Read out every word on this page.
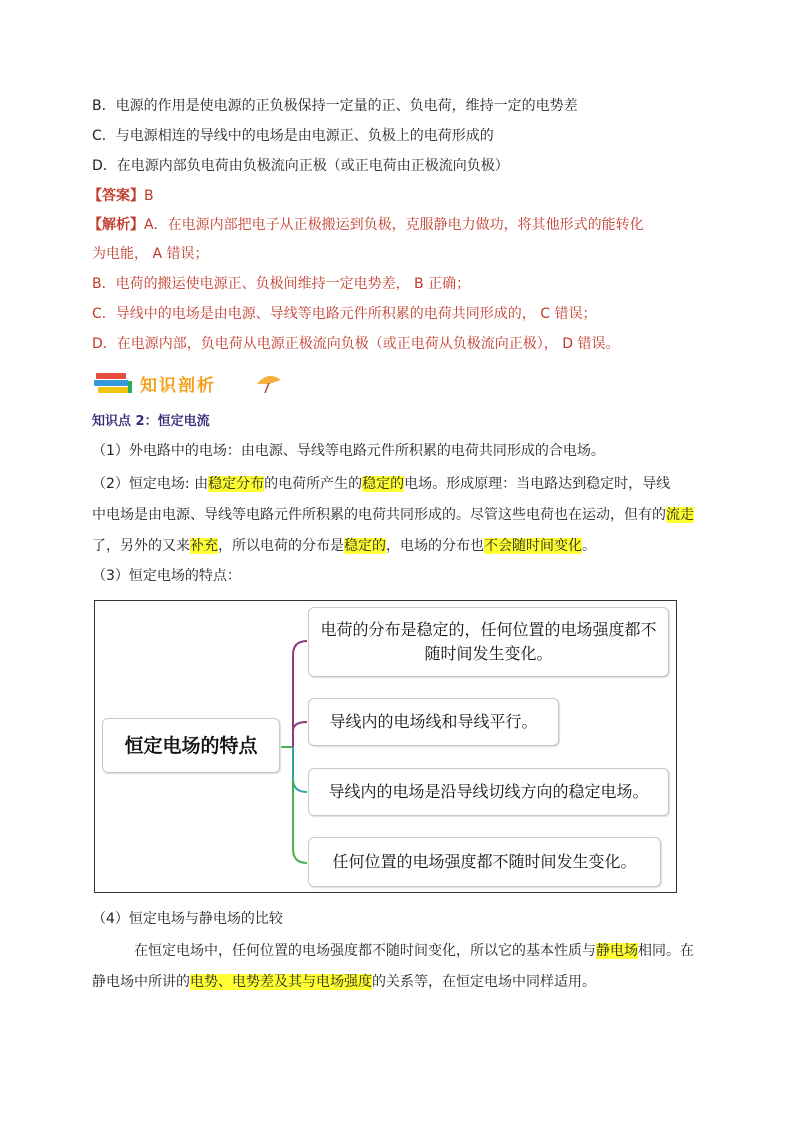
B．电源的作用是使电源的正负极保持一定量的正、负电荷，维持一定的电势差
C．与电源相连的导线中的电场是由电源正、负极上的电荷形成的
D．在电源内部负电荷由负极流向正极（或正电荷由正极流向负极）
【答案】B
【解析】A．在电源内部把电子从正极搬运到负极，克服静电力做功，将其他形式的能转化
为电能， A 错误；
B．电荷的搬运使电源正、负极间维持一定电势差， B 正确；
C．导线中的电场是由电源、导线等电路元件所积累的电荷共同形成的， C 错误；
D．在电源内部，负电荷从电源正极流向负极（或正电荷从负极流向正极）， D 错误。
知识剖析
知识点 2：恒定电流
（1）外电路中的电场：由电源、导线等电路元件所积累的电荷共同形成的合电场。
（2）恒定电场: 由稳定分布的电荷所产生的稳定的电场。形成原理：当电路达到稳定时，导线
中电场是由电源、导线等电路元件所积累的电荷共同形成的。尽管这些电荷也在运动，但有的流走
了，另外的又来补充，所以电荷的分布是稳定的，电场的分布也不会随时间变化。
（3）恒定电场的特点：
恒定电场的特点
电荷的分布是稳定的，任何位置的电场强度都不随时间发生变化。
导线内的电场线和导线平行。
导线内的电场是沿导线切线方向的稳定电场。
任何位置的电场强度都不随时间发生变化。
（4）恒定电场与静电场的比较
在恒定电场中，任何位置的电场强度都不随时间变化，所以它的基本性质与静电场相同。在
静电场中所讲的电势、电势差及其与电场强度的关系等，在恒定电场中同样适用。
